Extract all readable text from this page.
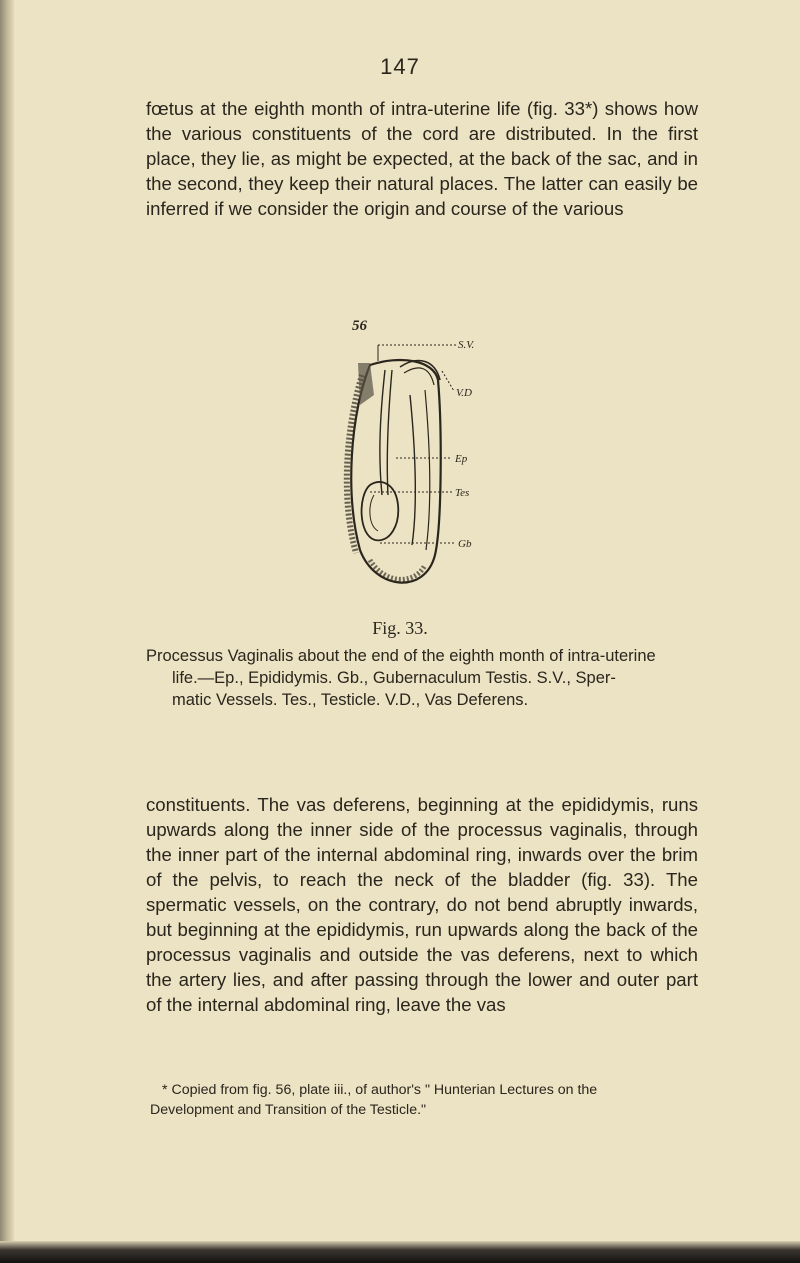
147

fœtus at the eighth month of intra-uterine life (fig. 33*) shows how the various constituents of the cord are distributed. In the first place, they lie, as might be expected, at the back of the sac, and in the second, they keep their natural places. The latter can easily be inferred if we consider the origin and course of the various

56
S.V.
V.D
Ep
Tes
Gb
Fig. 33.

Processus Vaginalis about the end of the eighth month of intra-uterine
life.—Ep., Epididymis. Gb., Gubernaculum Testis. S.V., Sper-
matic Vessels. Tes., Testicle. V.D., Vas Deferens.

constituents. The vas deferens, beginning at the epididymis, runs upwards along the inner side of the processus vaginalis, through the inner part of the internal abdominal ring, inwards over the brim of the pelvis, to reach the neck of the bladder (fig. 33). The spermatic vessels, on the contrary, do not bend abruptly inwards, but beginning at the epididymis, run upwards along the back of the processus vaginalis and outside the vas deferens, next to which the artery lies, and after passing through the lower and outer part of the internal abdominal ring, leave the vas

* Copied from fig. 56, plate iii., of author's " Hunterian Lectures on the
Development and Transition of the Testicle."
